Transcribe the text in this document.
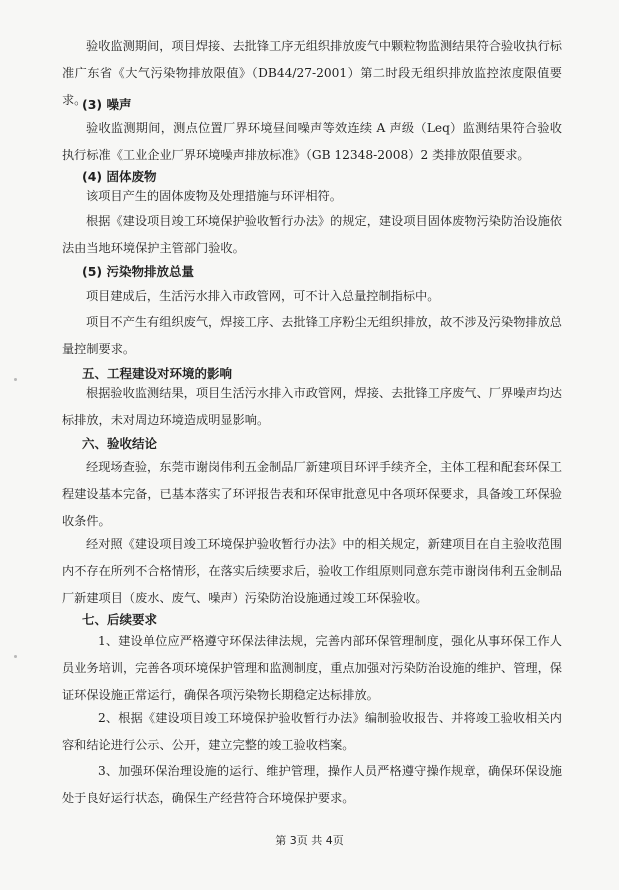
验收监测期间，项目焊接、去批锋工序无组织排放废气中颗粒物监测结果符合验收执行标准广东省《大气污染物排放限值》（DB44/27-2001）第二时段无组织排放监控浓度限值要求。

(3) 噪声

验收监测期间，测点位置厂界环境昼间噪声等效连续 A 声级（Leq）监测结果符合验收执行标准《工业企业厂界环境噪声排放标准》（GB 12348-2008）2 类排放限值要求。

(4) 固体废物

该项目产生的固体废物及处理措施与环评相符。

根据《建设项目竣工环境保护验收暂行办法》的规定，建设项目固体废物污染防治设施依法由当地环境保护主管部门验收。

(5) 污染物排放总量

项目建成后，生活污水排入市政管网，可不计入总量控制指标中。

项目不产生有组织废气，焊接工序、去批锋工序粉尘无组织排放，故不涉及污染物排放总量控制要求。

五、工程建设对环境的影响

根据验收监测结果，项目生活污水排入市政管网，焊接、去批锋工序废气、厂界噪声均达标排放，未对周边环境造成明显影响。

六、验收结论

经现场查验，东莞市谢岗伟利五金制品厂新建项目环评手续齐全，主体工程和配套环保工程建设基本完备，已基本落实了环评报告表和环保审批意见中各项环保要求，具备竣工环保验收条件。

经对照《建设项目竣工环境保护验收暂行办法》中的相关规定，新建项目在自主验收范围内不存在所列不合格情形，在落实后续要求后，验收工作组原则同意东莞市谢岗伟利五金制品厂新建项目（废水、废气、噪声）污染防治设施通过竣工环保验收。

七、后续要求

1、建设单位应严格遵守环保法律法规，完善内部环保管理制度，强化从事环保工作人员业务培训，完善各项环境保护管理和监测制度，重点加强对污染防治设施的维护、管理，保证环保设施正常运行，确保各项污染物长期稳定达标排放。

2、根据《建设项目竣工环境保护验收暂行办法》编制验收报告、并将竣工验收相关内容和结论进行公示、公开，建立完整的竣工验收档案。

3、加强环保治理设施的运行、维护管理，操作人员严格遵守操作规章，确保环保设施处于良好运行状态，确保生产经营符合环境保护要求。

第 3页 共 4页
